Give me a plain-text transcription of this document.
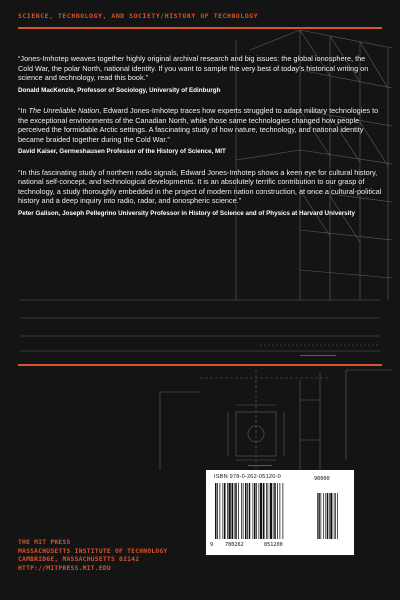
SCIENCE, TECHNOLOGY, AND SOCIETY/HISTORY OF TECHNOLOGY
“Jones-Imhotep weaves together highly original archival research and big issues: the global ionosphere, the Cold War, the polar North, national identity. If you want to sample the very best of today’s historical writing on science and technology, read this book.”
Donald MacKenzie, Professor of Sociology, University of Edinburgh
“In The Unreliable Nation, Edward Jones-Imhotep traces how experts struggled to adapt military technologies to the exceptional environments of the Canadian North, while those same technologies changed how people perceived the formidable Arctic settings. A fascinating study of how nature, technology, and national identity became braided together during the Cold War.”
David Kaiser, Germeshausen Professor of the History of Science, MIT
“In this fascinating study of northern radio signals, Edward Jones-Imhotep shows a keen eye for cultural history, national self-concept, and technological developments. It is an absolutely terrific contribution to our grasp of technology, a study thoroughly embedded in the project of modern nation construction, at once a cultural-political history and a deep inquiry into radio, radar, and ionospheric science.”
Peter Galison, Joseph Pellegrino University Professor in History of Science and of Physics at Harvard University
ISBN 978-0-262-05120-0
9 780262	051200
90000
THE MIT PRESS
MASSACHUSETTS INSTITUTE OF TECHNOLOGY
CAMBRIDGE, MASSACHUSETTS 02142
HTTP://MITPRESS.MIT.EDU
